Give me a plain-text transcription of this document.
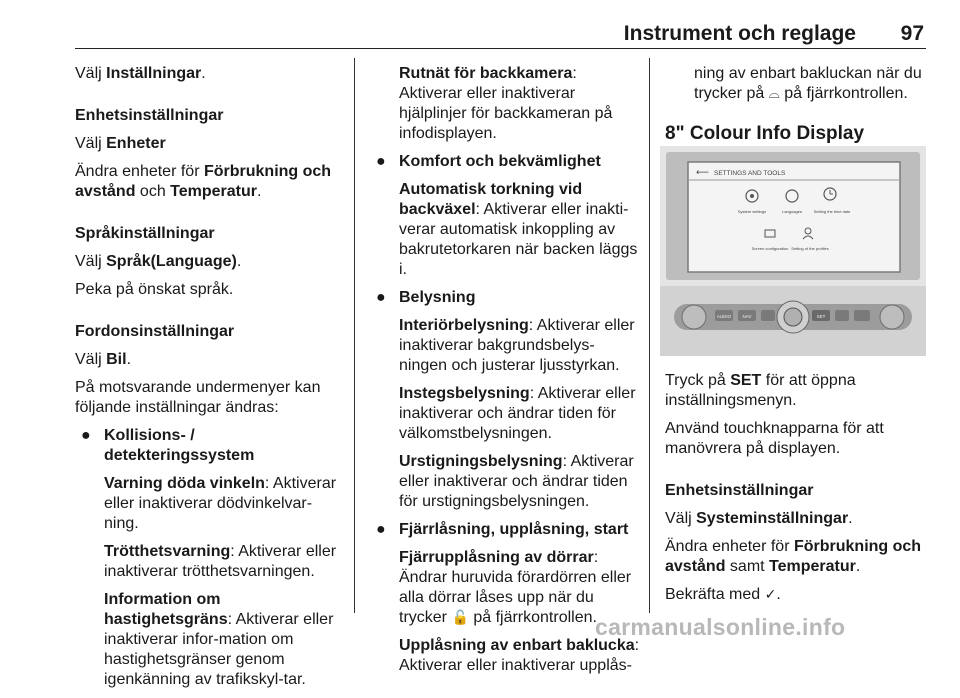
Instrument och reglage 97

Välj Inställningar.

Enhetsinställningar

Välj Enheter

Ändra enheter för Förbrukning och avstånd och Temperatur.

Språkinställningar

Välj Språk(Language).

Peka på önskat språk.

Fordonsinställningar

Välj Bil.

På motsvarande undermenyer kan följande inställningar ändras:

● Kollisions- / detekteringssystem

Varning döda vinkeln: Aktiverar eller inaktiverar dödvinkelvar-ning.

Trötthetsvarning: Aktiverar eller inaktiverar trötthetsvarningen.

Information om hastighetsgräns: Aktiverar eller inaktiverar infor-mation om hastighetsgränser genom igenkänning av trafikskyl-tar.

Rutnät för backkamera: Aktiverar eller inaktiverar hjälplinjer för backkameran på infodisplayen.

● Komfort och bekvämlighet

Automatisk torkning vid backväxel: Aktiverar eller inakti-verar automatisk inkoppling av bakrutetorkaren när backen läggs i.

● Belysning

Interiörbelysning: Aktiverar eller inaktiverar bakgrundsbelys-ningen och justerar ljusstyrkan.

Instegsbelysning: Aktiverar eller inaktiverar och ändrar tiden för välkomstbelysningen.

Urstigningsbelysning: Aktiverar eller inaktiverar och ändrar tiden för urstigningsbelysningen.

● Fjärrlåsning, upplåsning, start

Fjärrupplåsning av dörrar: Ändrar huruvida förardörren eller alla dörrar låses upp när du trycker 🔓 på fjärrkontrollen.

Upplåsning av enbart baklucka: Aktiverar eller inaktiverar upplås-

ning av enbart bakluckan när du trycker på ⌓ på fjärrkontrollen.

8" Colour Info Display

⟵ SETTINGS AND TOOLS
System settings	Languages	Setting the time date
Screen configuration Setting of the profiles
AUDIO	NAV	SET

Tryck på SET för att öppna inställningsmenyn.

Använd touchknapparna för att manövrera på displayen.

Enhetsinställningar

Välj Systeminställningar.

Ändra enheter för Förbrukning och avstånd samt Temperatur.

Bekräfta med ✓.

carmanualsonline.info
